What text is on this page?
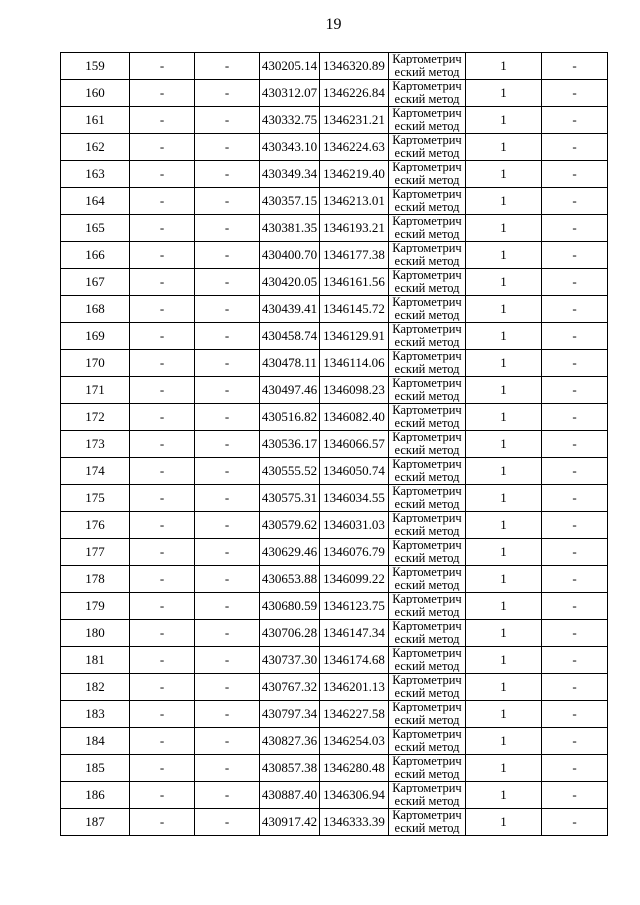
19
159	-	-	430205.14	1346320.89	Картометрич
еский метод	1	-
160	-	-	430312.07	1346226.84	Картометрич
еский метод	1	-
161	-	-	430332.75	1346231.21	Картометрич
еский метод	1	-
162	-	-	430343.10	1346224.63	Картометрич
еский метод	1	-
163	-	-	430349.34	1346219.40	Картометрич
еский метод	1	-
164	-	-	430357.15	1346213.01	Картометрич
еский метод	1	-
165	-	-	430381.35	1346193.21	Картометрич
еский метод	1	-
166	-	-	430400.70	1346177.38	Картометрич
еский метод	1	-
167	-	-	430420.05	1346161.56	Картометрич
еский метод	1	-
168	-	-	430439.41	1346145.72	Картометрич
еский метод	1	-
169	-	-	430458.74	1346129.91	Картометрич
еский метод	1	-
170	-	-	430478.11	1346114.06	Картометрич
еский метод	1	-
171	-	-	430497.46	1346098.23	Картометрич
еский метод	1	-
172	-	-	430516.82	1346082.40	Картометрич
еский метод	1	-
173	-	-	430536.17	1346066.57	Картометрич
еский метод	1	-
174	-	-	430555.52	1346050.74	Картометрич
еский метод	1	-
175	-	-	430575.31	1346034.55	Картометрич
еский метод	1	-
176	-	-	430579.62	1346031.03	Картометрич
еский метод	1	-
177	-	-	430629.46	1346076.79	Картометрич
еский метод	1	-
178	-	-	430653.88	1346099.22	Картометрич
еский метод	1	-
179	-	-	430680.59	1346123.75	Картометрич
еский метод	1	-
180	-	-	430706.28	1346147.34	Картометрич
еский метод	1	-
181	-	-	430737.30	1346174.68	Картометрич
еский метод	1	-
182	-	-	430767.32	1346201.13	Картометрич
еский метод	1	-
183	-	-	430797.34	1346227.58	Картометрич
еский метод	1	-
184	-	-	430827.36	1346254.03	Картометрич
еский метод	1	-
185	-	-	430857.38	1346280.48	Картометрич
еский метод	1	-
186	-	-	430887.40	1346306.94	Картометрич
еский метод	1	-
187	-	-	430917.42	1346333.39	Картометрич
еский метод	1	-
